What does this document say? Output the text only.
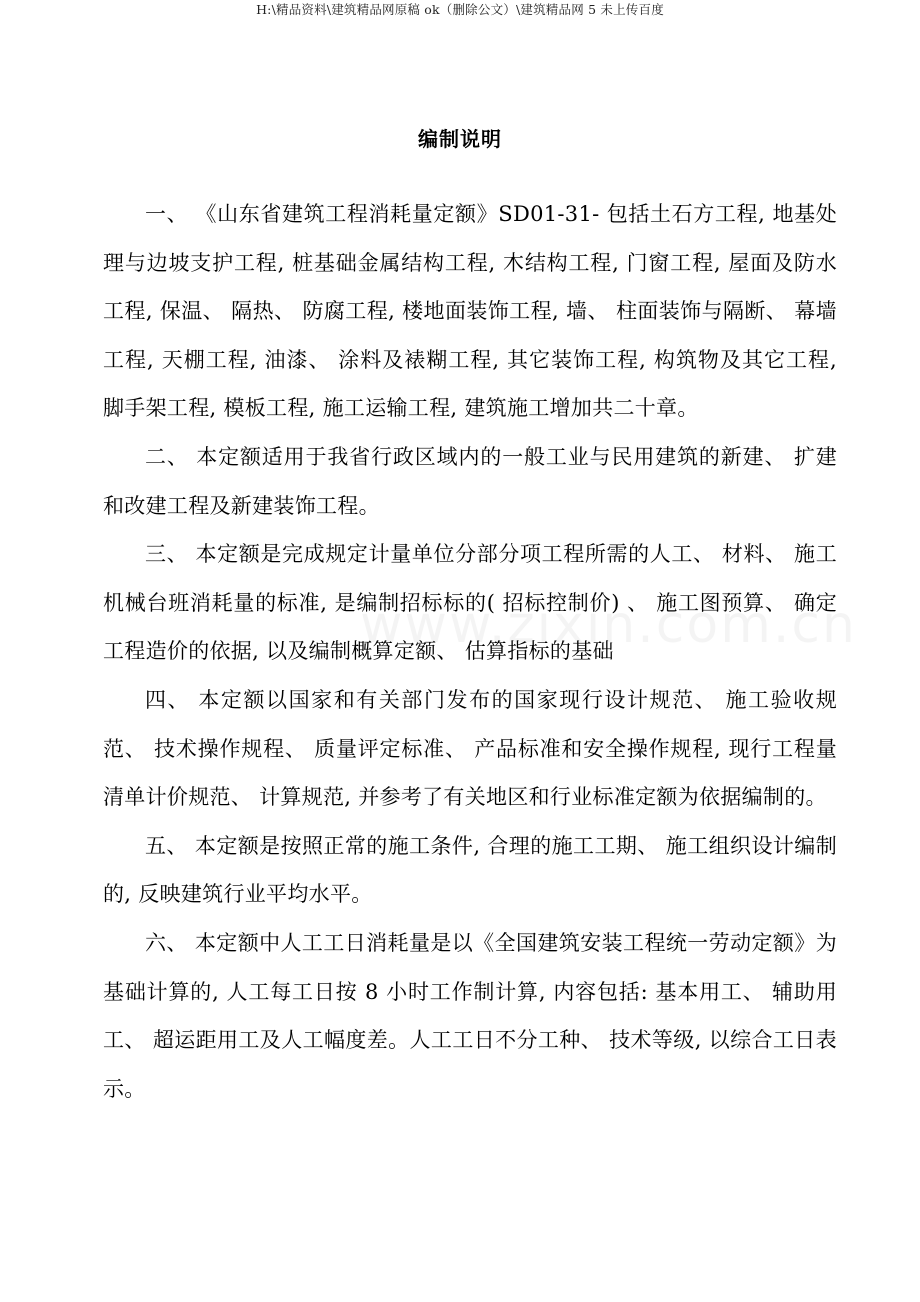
H:\精品资料\建筑精品网原稿 ok（删除公文）\建筑精品网 5 未上传百度
编制说明

一、 《山东省建筑工程消耗量定额》SD01-31- 包括土石方工程, 地基处理与边坡支护工程, 桩基础金属结构工程, 木结构工程, 门窗工程, 屋面及防水工程, 保温、 隔热、 防腐工程, 楼地面装饰工程, 墙、 柱面装饰与隔断、 幕墙工程, 天棚工程, 油漆、 涂料及裱糊工程, 其它装饰工程, 构筑物及其它工程, 脚手架工程, 模板工程, 施工运输工程, 建筑施工增加共二十章。

二、 本定额适用于我省行政区域内的一般工业与民用建筑的新建、 扩建和改建工程及新建装饰工程。

三、 本定额是完成规定计量单位分部分项工程所需的人工、 材料、 施工机械台班消耗量的标准, 是编制招标标的( 招标控制价) 、 施工图预算、 确定工程造价的依据, 以及编制概算定额、 估算指标的基础

四、 本定额以国家和有关部门发布的国家现行设计规范、 施工验收规范、 技术操作规程、 质量评定标准、 产品标准和安全操作规程, 现行工程量清单计价规范、 计算规范, 并参考了有关地区和行业标准定额为依据编制的。

五、 本定额是按照正常的施工条件, 合理的施工工期、 施工组织设计编制的, 反映建筑行业平均水平。

六、 本定额中人工工日消耗量是以《全国建筑安装工程统一劳动定额》为基础计算的, 人工每工日按 8 小时工作制计算, 内容包括: 基本用工、 辅助用工、 超运距用工及人工幅度差。人工工日不分工种、 技术等级, 以综合工日表示。
